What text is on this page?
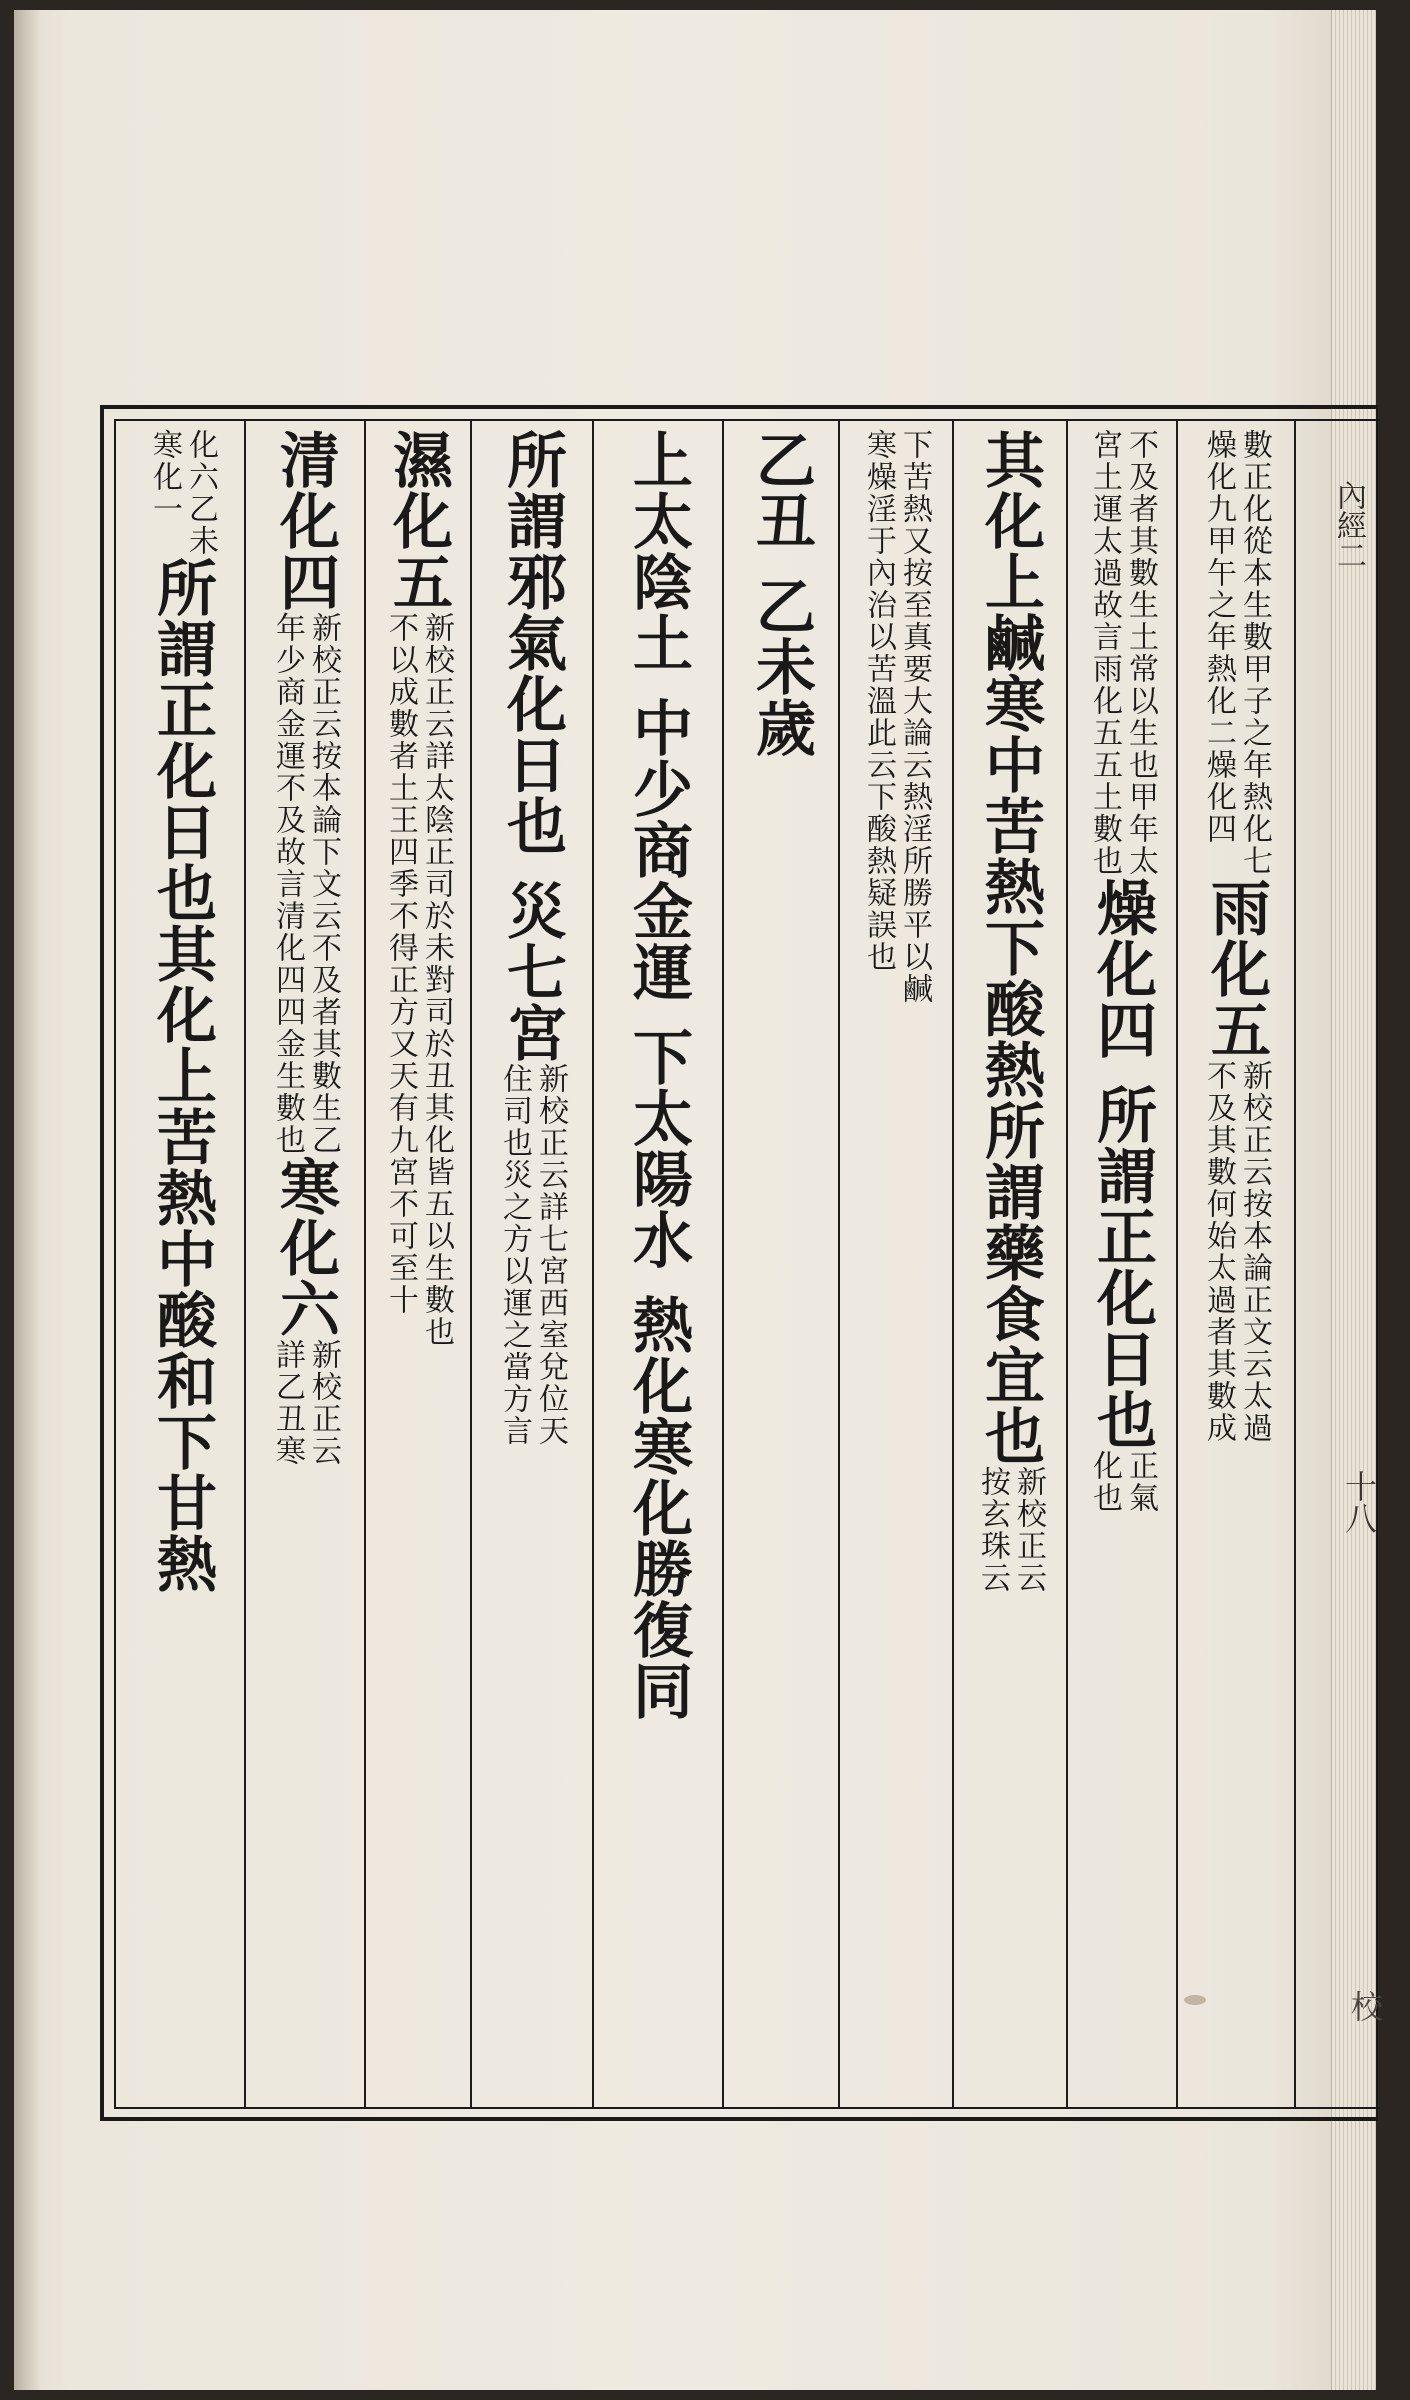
化六乙未
寒化一
所謂正化日也其化上苦熱中酸和下甘熱
清化四
新校正云按本論下文云不及者其數生乙
年少商金運不及故言清化四四金生數也
寒化六
新校正云
詳乙丑寒
濕化五
新校正云詳太陰正司於未對司於丑其化皆五以生數也
不以成數者土王四季不得正方又天有九宮不可至十 所謂邪氣化日也
災七宮
新校正云詳七宮西室兌位天
住司也災之方以運之當方言
上太陰土
中少商金運
下太陽水
熱化寒化勝復同
乙丑
乙未歲	下苦熱又按至真要大論云熱淫所勝平以鹹
寒燥淫于內治以苦溫此云下酸熱疑誤也 其化上鹹寒中苦熱下酸熱所謂藥食宜也
新校正云
按玄珠云
不及者其數生土常以生也甲年太
宮土運太過故言雨化五五土數也
燥化四
所謂正化日也
正氣
化也
數正化從本生數甲子之年熱化七
燥化九甲午之年熱化二燥化四
雨化五
新校正云按本論正文云太過
不及其數何始太過者其數成
內經二
十八
校
